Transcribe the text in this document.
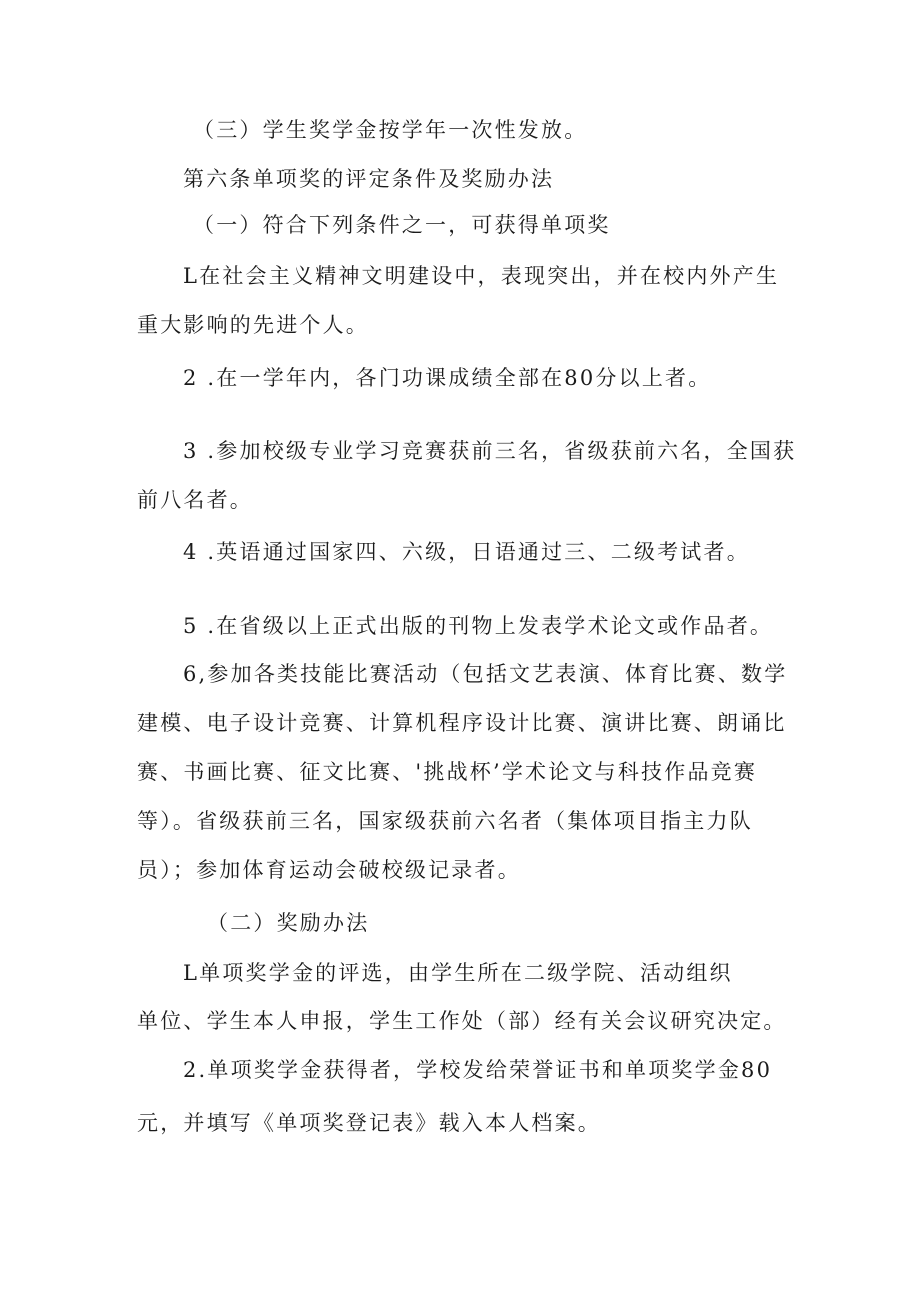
（三）学生奖学金按学年一次性发放。
第六条单项奖的评定条件及奖励办法
（一）符合下列条件之一，可获得单项奖
L在社会主义精神文明建设中，表现突出，并在校内外产生
重大影响的先进个人。
2 .在一学年内，各门功课成绩全部在80分以上者。
3 .参加校级专业学习竞赛获前三名，省级获前六名，全国获
前八名者。
4 .英语通过国家四、六级，日语通过三、二级考试者。
5 .在省级以上正式出版的刊物上发表学术论文或作品者。
6,参加各类技能比赛活动（包括文艺表演、体育比赛、数学
建模、电子设计竞赛、计算机程序设计比赛、演讲比赛、朗诵比
赛、书画比赛、征文比赛、'挑战杯’学术论文与科技作品竞赛
等）。省级获前三名，国家级获前六名者（集体项目指主力队
员）；参加体育运动会破校级记录者。
（二）奖励办法
L单项奖学金的评选，由学生所在二级学院、活动组织
单位、学生本人申报，学生工作处（部）经有关会议研究决定。
2.单项奖学金获得者，学校发给荣誉证书和单项奖学金80
元，并填写《单项奖登记表》载入本人档案。
